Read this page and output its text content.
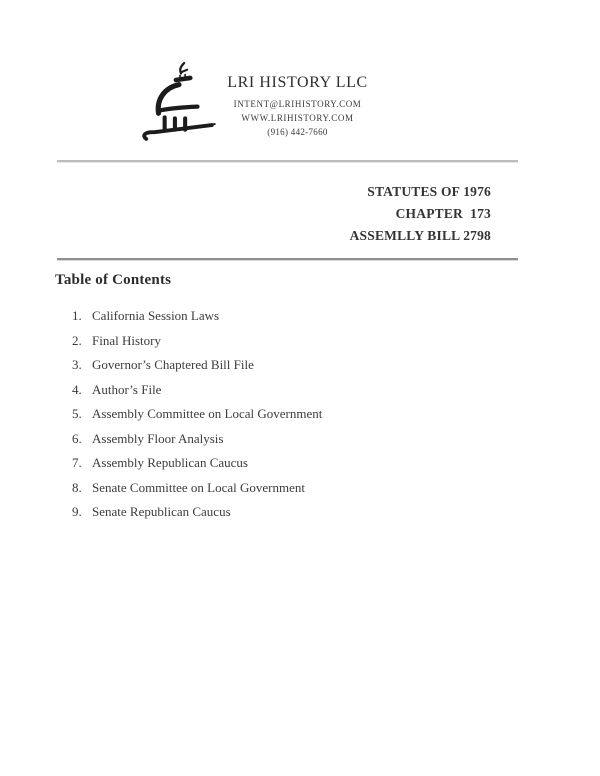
LRI HISTORY LLC
INTENT@LRIHISTORY.COM
WWW.LRIHISTORY.COM
(916) 442-7660
STATUTES OF 1976
CHAPTER  173
ASSEMLLY BILL 2798
Table of Contents
1. California Session Laws
2. Final History
3. Governor’s Chaptered Bill File
4. Author’s File
5. Assembly Committee on Local Government
6. Assembly Floor Analysis
7. Assembly Republican Caucus
8. Senate Committee on Local Government
9. Senate Republican Caucus
